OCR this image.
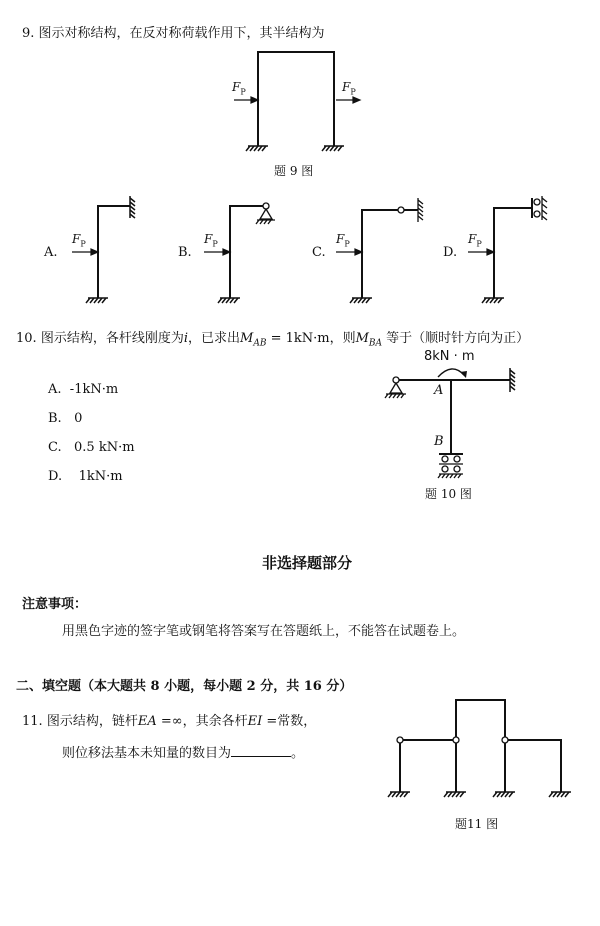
9. 图示对称结构，在反对称荷载作用下，其半结构为
$F_P$	$F_P$
题 9 图
A.	B.	C.	D.
$F_P$	$F_P$	$F_P$	$F_P$
10. 图示结构，各杆线刚度为i，已求出$M_{AB} = 1kN\cdot m$，则$M_{BA}$ 等于（顺时针方向为正）
A. -1kN·m
B. 0
C. 0.5 kN·m
D. 1kN·m
8kN · m
A
B
题 10 图
非选择题部分
注意事项：
用黑色字迹的签字笔或钢笔将答案写在答题纸上，不能答在试题卷上。
二、填空题（本大题共 8 小题，每小题 2 分，共 16 分）
11. 图示结构，链杆EA =∞，其余各杆EI =常数，
则位移法基本未知量的数目为	。
题11 图
